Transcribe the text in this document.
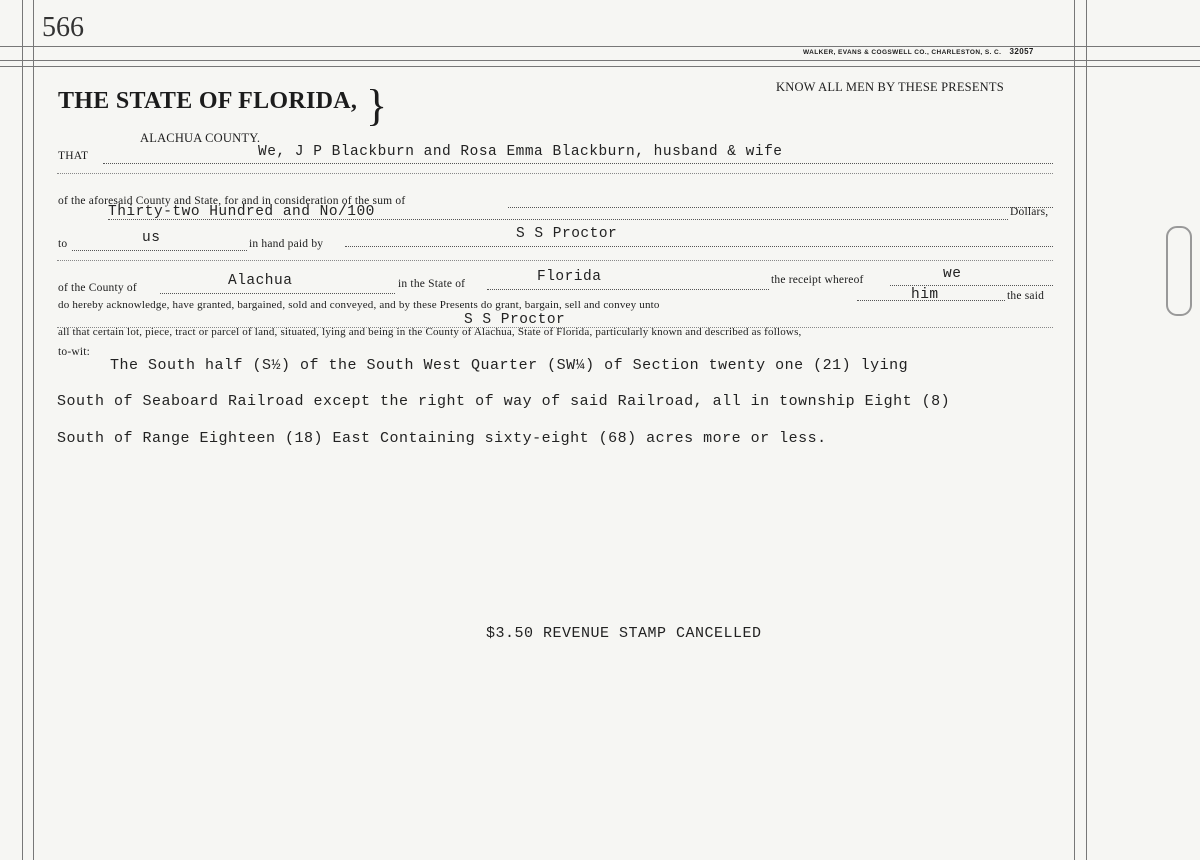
566
WALKER, EVANS & COGSWELL CO., CHARLESTON, S. C. 32057
THE STATE OF FLORIDA, }
ALACHUA COUNTY.
KNOW ALL MEN BY THESE PRESENTS
THAT	We, J P Blackburn and Rosa Emma Blackburn, husband & wife
of the aforesaid County and State, for and in consideration of the sum of
Thirty-two Hundred and No/100	Dollars,
to	us	in hand paid by
S S Proctor
of the County of	Alachua	in the State of	Florida	the receipt whereof	we
do hereby acknowledge, have granted, bargained, sold and conveyed, and by these Presents do grant, bargain, sell and convey unto
him	the said
S S Proctor
all that certain lot, piece, tract or parcel of land, situated, lying and being in the County of Alachua, State of Florida, particularly known and described as follows,
to-wit:
The South half (S½) of the South West Quarter (SW¼) of Section twenty one (21) lying
South of Seaboard Railroad except the right of way of said Railroad, all in township Eight (8)
South of Range Eighteen (18) East Containing sixty-eight (68) acres more or less.
$3.50 REVENUE STAMP CANCELLED
